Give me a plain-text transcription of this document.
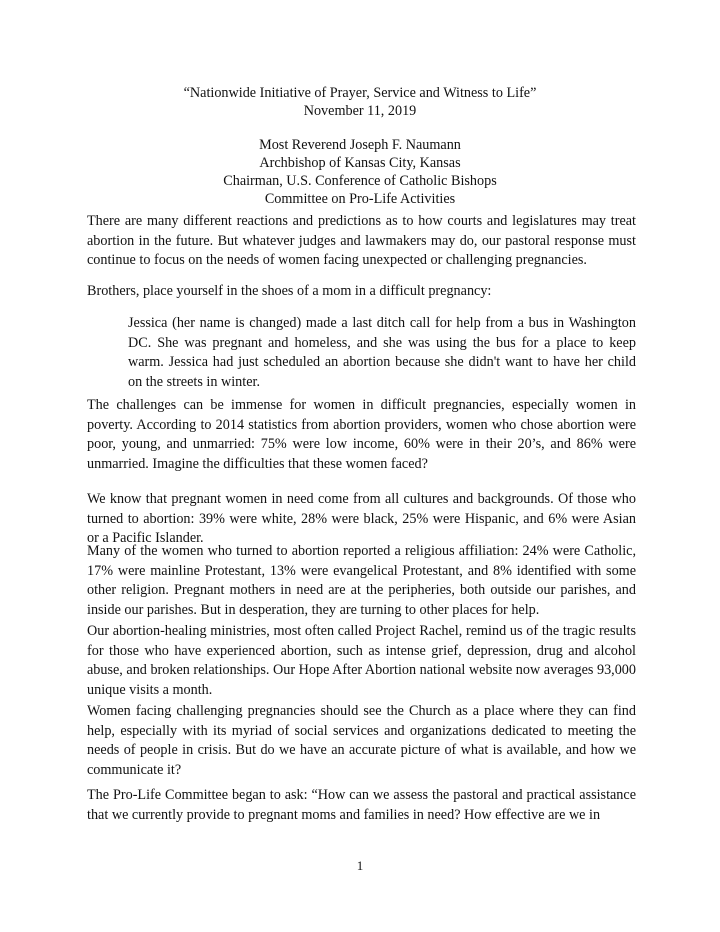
“Nationwide Initiative of Prayer, Service and Witness to Life”
November 11, 2019
Most Reverend Joseph F. Naumann
Archbishop of Kansas City, Kansas
Chairman, U.S. Conference of Catholic Bishops
Committee on Pro-Life Activities
There are many different reactions and predictions as to how courts and legislatures may treat abortion in the future. But whatever judges and lawmakers may do, our pastoral response must continue to focus on the needs of women facing unexpected or challenging pregnancies.
Brothers, place yourself in the shoes of a mom in a difficult pregnancy:
Jessica (her name is changed) made a last ditch call for help from a bus in Washington DC. She was pregnant and homeless, and she was using the bus for a place to keep warm. Jessica had just scheduled an abortion because she didn't want to have her child on the streets in winter.
The challenges can be immense for women in difficult pregnancies, especially women in poverty. According to 2014 statistics from abortion providers, women who chose abortion were poor, young, and unmarried: 75% were low income, 60% were in their 20’s, and 86% were unmarried. Imagine the difficulties that these women faced?
We know that pregnant women in need come from all cultures and backgrounds. Of those who turned to abortion: 39% were white, 28% were black, 25% were Hispanic, and 6% were Asian or a Pacific Islander.
Many of the women who turned to abortion reported a religious affiliation: 24% were Catholic, 17% were mainline Protestant, 13% were evangelical Protestant, and 8% identified with some other religion. Pregnant mothers in need are at the peripheries, both outside our parishes, and inside our parishes. But in desperation, they are turning to other places for help.
Our abortion-healing ministries, most often called Project Rachel, remind us of the tragic results for those who have experienced abortion, such as intense grief, depression, drug and alcohol abuse, and broken relationships. Our Hope After Abortion national website now averages 93,000 unique visits a month.
Women facing challenging pregnancies should see the Church as a place where they can find help, especially with its myriad of social services and organizations dedicated to meeting the needs of people in crisis. But do we have an accurate picture of what is available, and how we communicate it?
The Pro-Life Committee began to ask: “How can we assess the pastoral and practical assistance that we currently provide to pregnant moms and families in need? How effective are we in
1
